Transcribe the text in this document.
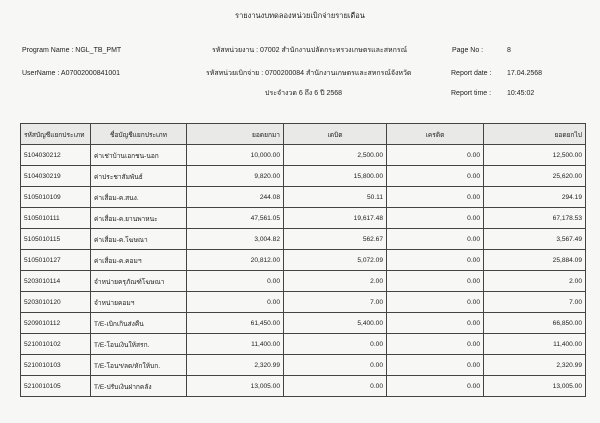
รายงานงบทดลองหน่วยเบิกจ่ายรายเดือน
Program Name : NGL_TB_PMT	รหัสหน่วยงาน : 07002 สำนักงานปลัดกระทรวงเกษตรและสหกรณ์	Page No :	8
UserName : A07002000841001	รหัสหน่วยเบิกจ่าย : 0700200084 สำนักงานเกษตรและสหกรณ์จังหวัด	Report date : 17.04.2568
ประจำงวด 6 ถึง 6 ปี 2568	Report time : 10:45:02
รหัสบัญชีแยกประเภท	ชื่อบัญชีแยกประเภท	ยอดยกมา	เดบิต	เครดิต	ยอดยกไป
5104030212	ค่าเช่าบ้านเอกชน-นอก	10,000.00	2,500.00	0.00	12,500.00
5104030219	ค่าประชาสัมพันธ์	9,820.00	15,800.00	0.00	25,620.00
5105010109	ค่าเสื่อม-ค.สนง.	244.08	50.11	0.00	294.19
5105010111	ค่าเสื่อม-ค.ยานพาหนะ	47,561.05	19,617.48	0.00	67,178.53
5105010115	ค่าเสื่อม-ค.โฆษณา	3,004.82	562.67	0.00	3,567.49
5105010127	ค่าเสื่อม-ค.คอมฯ	20,812.00	5,072.09	0.00	25,884.09
5203010114	จำหน่ายครุภัณฑ์โฆษณา	0.00	2.00	0.00	2.00
5203010120	จำหน่ายคอมฯ	0.00	7.00	0.00	7.00
5209010112	T/E-เบิกเกินส่งคืน	61,450.00	5,400.00	0.00	66,850.00
5210010102	T/E-โอนเงินให้สรก.	11,400.00	0.00	0.00	11,400.00
5210010103	T/E-โอนฯ/ลด/หักให้บก.	2,320.99	0.00	0.00	2,320.99
5210010105	T/E-ปรับเงินฝากคลัง	13,005.00	0.00	0.00	13,005.00
